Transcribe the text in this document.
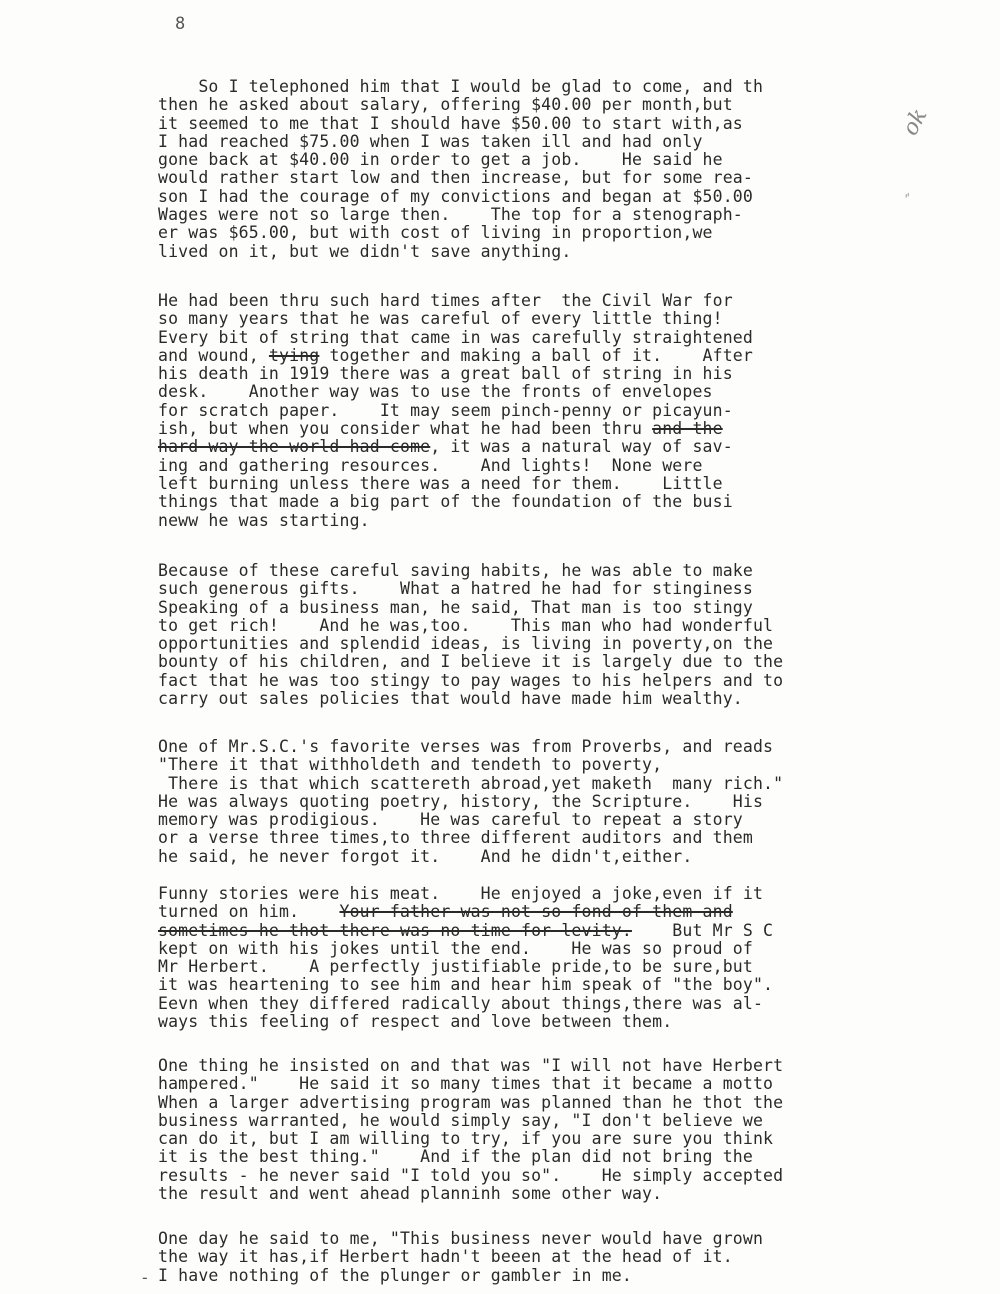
8
ok
″
So I telephoned him that I would be glad to come, and th
then he asked about salary, offering $40.00 per month,but
it seemed to me that I should have $50.00 to start with,as
I had reached $75.00 when I was taken ill and had only
gone back at $40.00 in order to get a job.    He said he
would rather start low and then increase, but for some rea-
son I had the courage of my convictions and began at $50.00
Wages were not so large then.    The top for a stenograph-
er was $65.00, but with cost of living in proportion,we
lived on it, but we didn't save anything.
He had been thru such hard times after  the Civil War for
so many years that he was careful of every little thing!
Every bit of string that came in was carefully straightened
and wound, tying together and making a ball of it.    After
his death in 1919 there was a great ball of string in his
desk.    Another way was to use the fronts of envelopes
for scratch paper.    It may seem pinch-penny or picayun-
ish, but when you consider what he had been thru and the
hard way the world had come, it was a natural way of sav-
ing and gathering resources.    And lights!  None were
left burning unless there was a need for them.    Little
things that made a big part of the foundation of the busi
neww he was starting.
Because of these careful saving habits, he was able to make
such generous gifts.    What a hatred he had for stinginess
Speaking of a business man, he said, That man is too stingy
to get rich!    And he was,too.    This man who had wonderful
opportunities and splendid ideas, is living in poverty,on the
bounty of his children, and I believe it is largely due to the
fact that he was too stingy to pay wages to his helpers and to
carry out sales policies that would have made him wealthy.
One of Mr.S.C.'s favorite verses was from Proverbs, and reads
"There it that withholdeth and tendeth to poverty,
There is that which scattereth abroad,yet maketh  many rich."
He was always quoting poetry, history, the Scripture.    His
memory was prodigious.    He was careful to repeat a story
or a verse three times,to three different auditors and them
he said, he never forgot it.    And he didn't,either.
Funny stories were his meat.    He enjoyed a joke,even if it
turned on him.    Your father was not so fond of them and
sometimes he thot there was no time for levity.    But Mr S C
kept on with his jokes until the end.    He was so proud of
Mr Herbert.    A perfectly justifiable pride,to be sure,but
it was heartening to see him and hear him speak of "the boy".
Eevn when they differed radically about things,there was al-
ways this feeling of respect and love between them.
One thing he insisted on and that was "I will not have Herbert
hampered."    He said it so many times that it became a motto
When a larger advertising program was planned than he thot the
business warranted, he would simply say, "I don't believe we
can do it, but I am willing to try, if you are sure you think
it is the best thing."    And if the plan did not bring the
results - he never said "I told you so".    He simply accepted
the result and went ahead planninh some other way.
One day he said to me, "This business never would have grown
the way it has,if Herbert hadn't beeen at the head of it.
I have nothing of the plunger or gambler in me.
-
